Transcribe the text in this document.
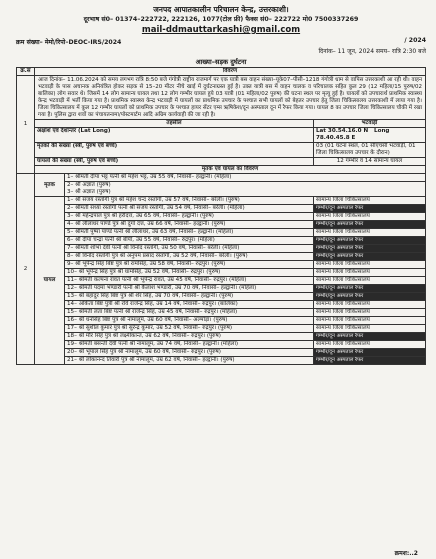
जनपद आपातकालीन परिचालन केन्द्र, उत्तरकाशी।
दूरभाष सं0– 01374–222722, 222126, 1077(टोल फ्री) फैक्स सं0– 222722 मो0 7500337269
mail-ddmauttarkashi@gmail.com
क्रम संख्या– मेमो/रिपो–DEOC-IRS/2024	/ 2024
दिनांक– 11 जून, 2024 समय– रात्रि 2:30 बजे
आख्या–सड़क दुर्घटना
क्र.सं	विवरण		
1	आज दिनांक– 11.06.2024 को समय लगभग रात्रि 8:50 बजे गंगोत्री राष्ट्रीय राजमार्ग पर एक यात्री बस वाहन संख्या–यूके07–पीसी–1218 गंगोत्री धाम से वापिस उत्तरकाशी आ रही थी। वाहन भटवाड़ी के पास अचानक अनियंत्रित होकर सड़क से 15–20 मीटर नीचे खाई में दुर्घटनाग्रस्त हुई है। उक्त यात्री बस में वाहन चालक व परिचालक सहित कुल 29 (12 महिला/15 पुरुष/02 बालिका) लोग सवार थे। जिसमें 14 लोग सामान्य घायल तथा 12 लोग गम्भीर घायल हुये 03 यात्री (01 महिला/02 पुरुष) की घटना स्थल पर मृत्यु हुई है। घायलों को उपचारार्थ प्राथमिक स्वास्थ्य केन्द्र भटवाड़ी में भर्ती किया गया है। प्राथमिक स्वास्थ्य केन्द्र भटवाड़ी में घायलों का प्राथमिक उपचार के पश्चात सभी घायलों को बेहतर उपचार हेतु जिला चिकित्सालय उत्तरकाशी में लाया गया है। जिला चिकित्सालय में कुल 12 गम्भीर घायलों को प्राथमिक उपचार के पश्चात हायर सेंटर एम्स ऋषिकेश/दून अस्पताल दून में रैफर किया गया। घायल 8 का उपचार जिला चिकित्सालय चौकी में रखा गया है। पुलिस द्वारा शवों का पंचायतनामा/पोस्टमार्टम आदि अग्रिम कार्यवाही की जा रही है।		
	तहसील		भटवाड़ी
	अक्षांश एवं देशान्तर (Lat Long)		Lat 30.54.16.0 N Long 78.40.45.8 E
	मृतकों की संख्या (स्त्री, पुरुष एवं बच्चे)		03 (01 घटना स्थल, 01 सीएचसी भटवाड़ी, 01 जिला चिकित्सालय उपचार के दौरान)
	घायलों की संख्या (स्त्री, पुरुष एवं बच्चे)		12 गम्भीर व 14 सामान्य घायल
	मृतक एव घायल का विवरण		
2	मृतक	1– श्रीमती दीपा भट्ट पत्नी श्री महेश भट्ट, उम्र 55 वर्ष, निवासी– हल्द्वानी। (महिला)	
		2– श्री अज्ञात (पुरुष)
3– श्री अज्ञात (पुरुष)	
	घायल	1– श्री संजय रस्तोगी पुत्र श्री महेश चन्द रस्तोगी, उम्र 57 वर्ष, निवासी– बरेली। (पुरुष)	सामान्य जिला चिकित्सालय
		2– श्रीमती संध्या रस्तोगी पत्नी श्री संजय रस्तोगी, उम्र 54 वर्ष, निवासी– बरेली। (महिला)	गम्भीर/दून अस्पताल रैफर
		3– श्री महेन्द्रपाल पुत्र श्री हरीदत्त, उम्र 65 वर्ष, निवासी– हल्द्वानी। (पुरुष)	सामान्य जिला चिकित्सालय
		4– श्री लीलाधर पाण्डे पुत्र श्री दुर्गा दत्त, उम्र 66 वर्ष, निवासी– हल्द्वानी। (पुरुष)	गम्भीर/दून अस्पताल रैफर
		5– श्रीमती पुष्पा पाण्डे पत्नी श्री लीलाधर, उम्र 63 वर्ष, निवासी– हल्द्वानी। (महिला)	सामान्य जिला चिकित्सालय
		6– श्री दीपा चन्द्रा पत्नी श्री बीपी, उम्र 55 वर्ष, निवासी– रुद्रपुर। (महिला)	गम्भीर/दून अस्पताल रैफर
		7– श्रीमती शोभा देवी पत्नी श्री विनोद रस्तोगी, उम्र 50 वर्ष, निवासी– बरेली। (महिला)	गम्भीर/दून अस्पताल रैफर
		8– श्री विनोद रस्तोगी पुत्र श्री अनुपम प्रसाद रस्तोगी, उम्र 52 वर्ष, निवासी– बरेली। (पुरुष)	गम्भीर/दून अस्पताल रैफर
		9– श्री भूपेन्द्र सिंह बिष्ट पुत्र श्री रामसिंह, उम्र 58 वर्ष, निवासी– रुद्रपुर। (पुरुष)	सामान्य जिला चिकित्सालय
		10– श्री भूपेन्द्र सिंह पुत्र श्री धामसिंह, उम्र 52 वर्ष, निवासी– रुद्रपुर। (पुरुष)	सामान्य जिला चिकित्सालय
		11– श्रीमती कल्पना रावत पत्नी श्री भूपेन्द्र रावत, उम्र 45 वर्ष, निवासी– रुद्रपुर। (महिला)	सामान्य जिला चिकित्सालय
		12– श्रीमती पदमा भण्डारी पत्नी श्री कैलाश भण्डारी, उम्र 70 वर्ष, निवासी– हल्द्वानी। (महिला)	गम्भीर/दून अस्पताल रैफर
		13– श्री बहादुर सिंह बिष्ट पुत्र श्री शेर सिंह, उम्र 70 वर्ष, निवासी– हल्द्वानी। (पुरुष)	गम्भीर/दून अस्पताल रैफर
		14– अंकिता बिष्ट पुत्री श्री रवि राजेन्द्र सिंह, उम्र 14 वर्ष, निवासी– रुद्रपुर। (बालिका)	सामान्य जिला चिकित्सालय
		15– श्रीमती लता बिष्ट पत्नी श्री राजेन्द्र सिंह, उम्र 45 वर्ष, निवासी– रुद्रपुर। (महिला)	सामान्य जिला चिकित्सालय
		16– श्री धनसिंह बिष्ट पुत्र श्री नामालूम, उम्र 60 वर्ष, निवासी– अल्मोड़ा। (पुरुष)	सामान्य जिला चिकित्सालय
		17– श्री सुशील कुमार पुत्र श्री सुरेन्द्र कुमार, उम्र 52 वर्ष, निवासी– रुद्रपुर। (पुरुष)	सामान्य जिला चिकित्सालय
		18– श्री मौर सिंह पुत्र श्री लक्ष्मीकान्त, उम्र 62 वर्ष, निवासी– रुद्रपुर। (पुरुष)	गम्भीर/दून अस्पताल रैफर
		19– श्रीमती बसन्ती देवी पत्नी श्री नामालूम, उम्र 74 वर्ष, निवासी– हल्द्वानी। (महिला)	सामान्य जिला चिकित्सालय
		20– श्री भूपाल सिंह पुत्र श्री नामालूम, उम्र 60 वर्ष, निवासी– रुद्रपुर। (पुरुष)	गम्भीर/दून अस्पताल रैफर
		21– श्री लोकानन्द तिवारी पुत्र श्री नामालूम, उम्र 62 वर्ष, निवासी– हल्द्वानी। (पुरुष)	गम्भीर/दून अस्पताल रैफर
क्रमश:..2
